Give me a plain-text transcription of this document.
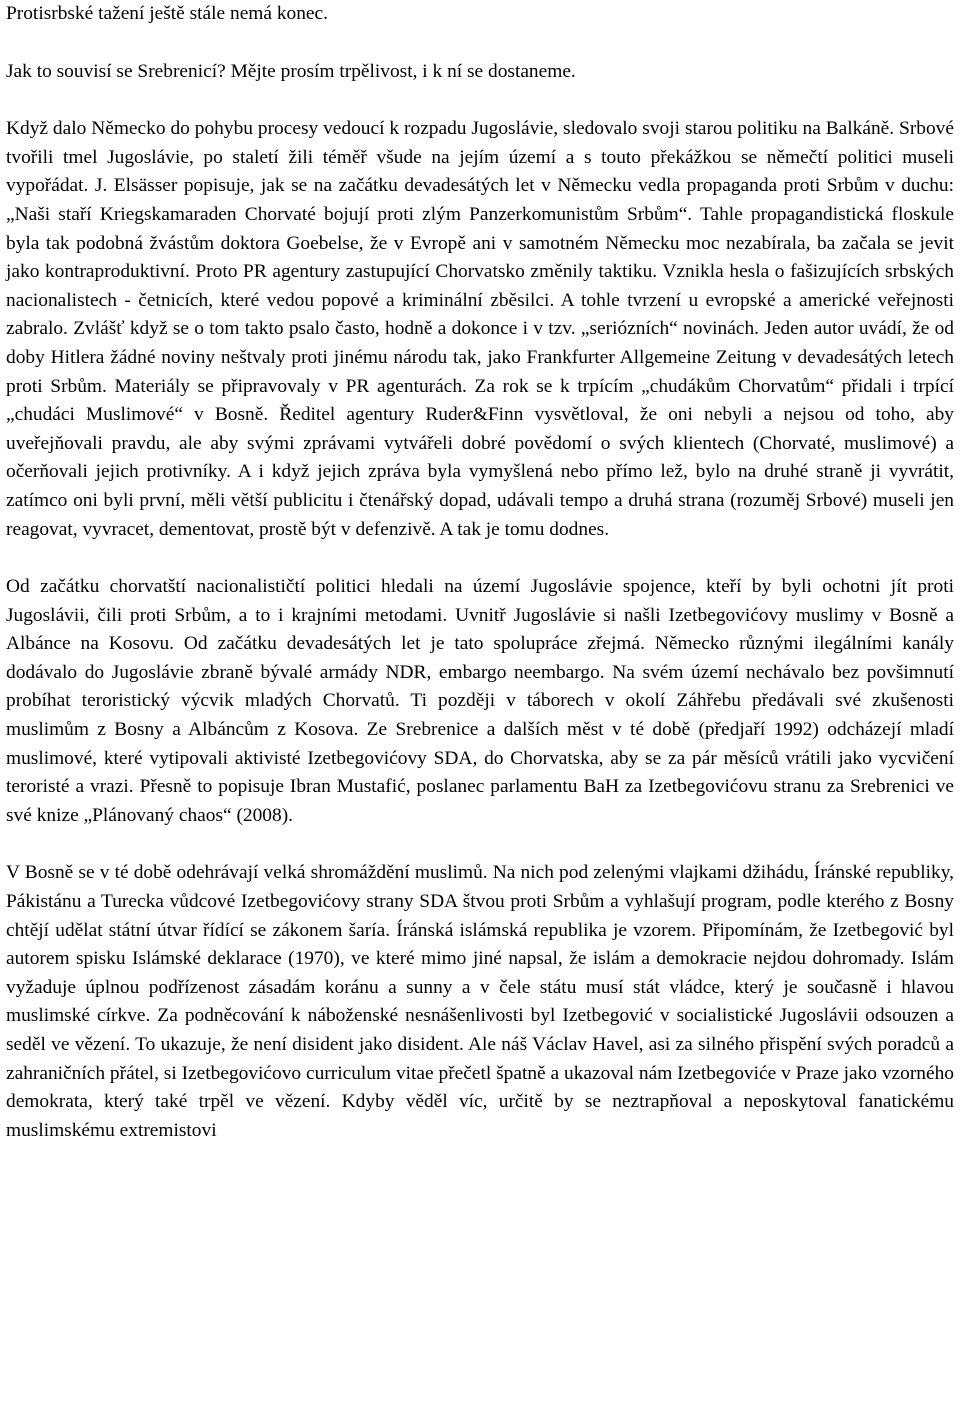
Protisrbské tažení ještě stále nemá konec.

Jak to souvisí se Srebrenicí? Mějte prosím trpělivost, i k ní se dostaneme.

Když dalo Německo do pohybu procesy vedoucí k rozpadu Jugoslávie, sledovalo svoji starou politiku na Balkáně. Srbové tvořili tmel Jugoslávie, po staletí žili téměř všude na jejím území a s touto překážkou se němečtí politici museli vypořádat. J. Elsässer popisuje, jak se na začátku devadesátých let v Německu vedla propaganda proti Srbům v duchu: „Naši staří Kriegskamaraden Chorvaté bojují proti zlým Panzerkomunistům Srbům“. Tahle propagandistická floskule byla tak podobná žvástům doktora Goebelse, že v Evropě ani v samotném Německu moc nezabírala, ba začala se jevit jako kontraproduktivní. Proto PR agentury zastupující Chorvatsko změnily taktiku. Vznikla hesla o fašizujících srbských nacionalistech - četnicích, které vedou popové a kriminální zběsilci. A tohle tvrzení u evropské a americké veřejnosti zabralo. Zvlášť když se o tom takto psalo často, hodně a dokonce i v tzv. „seriózních“ novinách. Jeden autor uvádí, že od doby Hitlera žádné noviny neštvaly proti jinému národu tak, jako Frankfurter Allgemeine Zeitung v devadesátých letech proti Srbům. Materiály se připravovaly v PR agenturách. Za rok se k trpícím „chudákům Chorvatům“ přidali i trpící „chudáci Muslimové“ v Bosně. Ředitel agentury Ruder&Finn vysvětloval, že oni nebyli a nejsou od toho, aby uveřejňovali pravdu, ale aby svými zprávami vytvářeli dobré povědomí o svých klientech (Chorvaté, muslimové) a očerňovali jejich protivníky. A i když jejich zpráva byla vymyšlená nebo přímo lež, bylo na druhé straně ji vyvrátit, zatímco oni byli první, měli větší publicitu i čtenářský dopad, udávali tempo a druhá strana (rozuměj Srbové) museli jen reagovat, vyvracet, dementovat, prostě být v defenzivě. A tak je tomu dodnes.

Od začátku chorvatští nacionalističtí politici hledali na území Jugoslávie spojence, kteří by byli ochotni jít proti Jugoslávii, čili proti Srbům, a to i krajními metodami. Uvnitř Jugoslávie si našli Izetbegovićovy muslimy v Bosně a Albánce na Kosovu. Od začátku devadesátých let je tato spolupráce zřejmá. Německo různými ilegálními kanály dodávalo do Jugoslávie zbraně bývalé armády NDR, embargo neembargo. Na svém území nechávalo bez povšimnutí probíhat teroristický výcvik mladých Chorvatů. Ti později v táborech v okolí Záhřebu předávali své zkušenosti muslimům z Bosny a Albáncům z Kosova. Ze Srebrenice a dalších měst v té době (předjaří 1992) odcházejí mladí muslimové, které vytipovali aktivisté Izetbegovićovy SDA, do Chorvatska, aby se za pár měsíců vrátili jako vycvičení teroristé a vrazi. Přesně to popisuje Ibran Mustafić, poslanec parlamentu BaH za Izetbegovićovu stranu za Srebrenici ve své knize „Plánovaný chaos“ (2008).

V Bosně se v té době odehrávají velká shromáždění muslimů. Na nich pod zelenými vlajkami džihádu, Íránské republiky, Pákistánu a Turecka vůdcové Izetbegovićovy strany SDA štvou proti Srbům a vyhlašují program, podle kterého z Bosny chtějí udělat státní útvar řídící se zákonem šaría. Íránská islámská republika je vzorem. Připomínám, že Izetbegović byl autorem spisku Islámské deklarace (1970), ve které mimo jiné napsal, že islám a demokracie nejdou dohromady. Islám vyžaduje úplnou podřízenost zásadám koránu a sunny a v čele státu musí stát vládce, který je současně i hlavou muslimské církve. Za podněcování k náboženské nesnášenlivosti byl Izetbegović v socialistické Jugoslávii odsouzen a seděl ve vězení. To ukazuje, že není disident jako disident. Ale náš Václav Havel, asi za silného přispění svých poradců a zahraničních přátel, si Izetbegovićovo curriculum vitae přečetl špatně a ukazoval nám Izetbegoviće v Praze jako vzorného demokrata, který také trpěl ve vězení. Kdyby věděl víc, určitě by se neztrapňoval a neposkytoval fanatickému muslimskému extremistovi
